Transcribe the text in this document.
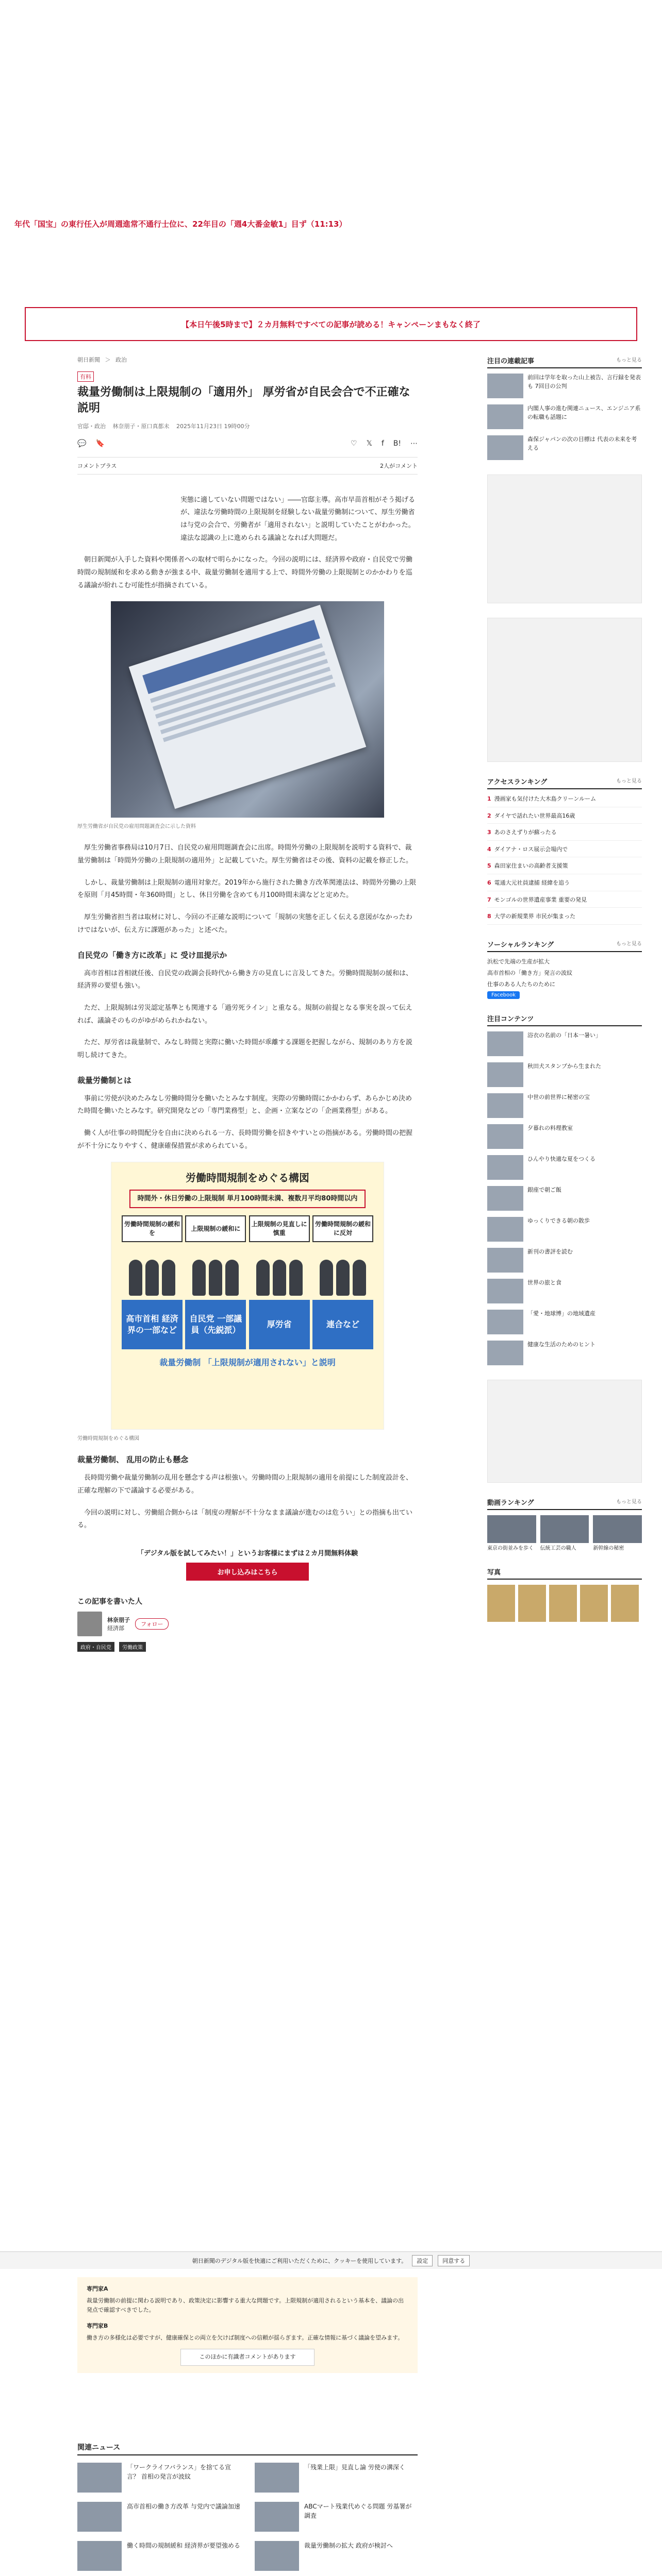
年代「国宝」の東行任入が周週進常不通行士位に、22年目の「週4大番金敏1」目ず（11:13）
【本日午後5時まで】２カ月無料ですべての記事が読める！キャンペーンまもなく終了
朝日新聞 ＞ 政治
有料
裁量労働制は上限規制の「適用外」 厚労省が自民会合で不正確な説明
官邸・政治 林奈朋子・原口真都未 2025年11月23日 19時00分
💬 🔖	♡ 𝕏 f B! ⋯
コメントプラス	2人がコメント

実態に適していない問題ではない」――官邸主導。高市早苗首相がそう掲げるが、違法な労働時間の上限規制を経験しない裁量労働制について、厚生労働省は与党の会合で、労働者が「適用されない」と説明していたことがわかった。違法な認識の上に進められる議論となれば大問題だ。

朝日新聞が入手した資料や関係者への取材で明らかになった。今回の説明には、経済界や政府・自民党で労働時間の規制緩和を求める動きが強まる中、裁量労働制を適用する上で、時間外労働の上限規制とのかかわりを巡る議論が紛れこむ可能性が指摘されている。

厚生労働省が自民党の雇用問題調査会に示した資料

厚生労働省事務局は10月7日、自民党の雇用問題調査会に出席。時間外労働の上限規制を説明する資料で、裁量労働制は「時間外労働の上限規制の適用外」と記載していた。厚生労働省はその後、資料の記載を修正した。

しかし、裁量労働制は上限規制の適用対象だ。2019年から施行された働き方改革関連法は、時間外労働の上限を原則「月45時間・年360時間」とし、休日労働を含めても月100時間未満などと定めた。

厚生労働省担当者は取材に対し、今回の不正確な説明について「規制の実態を正しく伝える意図がなかったわけではないが、伝え方に課題があった」と述べた。

自民党の「働き方に改革」に 受け皿提示か

高市首相は首相就任後、自民党の政調会長時代から働き方の見直しに言及してきた。労働時間規制の緩和は、経済界の要望も強い。

ただ、上限規制は労災認定基準とも関連する「過労死ライン」と重なる。規制の前提となる事実を誤って伝えれば、議論そのものがゆがめられかねない。

ただ、厚労省は裁量制で、みなし時間と実際に働いた時間が乖離する課題を把握しながら、規制のあり方を説明し続けてきた。

裁量労働制とは

事前に労使が決めたみなし労働時間分を働いたとみなす制度。実際の労働時間にかかわらず、あらかじめ決めた時間を働いたとみなす。研究開発などの「専門業務型」と、企画・立案などの「企画業務型」がある。

働く人が仕事の時間配分を自由に決められる一方、長時間労働を招きやすいとの指摘がある。労働時間の把握が不十分になりやすく、健康確保措置が求められている。

労働時間規制をめぐる構図
時間外・休日労働の上限規制 単月100時間未満、複数月平均80時間以内
労働時間規制の緩和を
高市首相 経済界の一部など
上限規制の緩和に
自民党 一部議員（先鋭派）
上限規制の見直しに慎重
厚労省
労働時間規制の緩和に反対
連合など
裁量労働制 「上限規制が適用されない」と説明
労働時間規制をめぐる構図
裁量労働制、 乱用の防止も懸念

長時間労働や裁量労働制の乱用を懸念する声は根強い。労働時間の上限規制の適用を前提にした制度設計を、正確な理解の下で議論する必要がある。

今回の説明に対し、労働組合側からは「制度の理解が不十分なまま議論が進むのは危うい」との指摘も出ている。

「デジタル版を試してみたい！」というお客様にまずは２カ月間無料体験

お申し込みはこちら
この記事を書いた人
林奈朋子
経済部
フォロー
政府・自民党 労働政策
朝日新聞のデジタル版を快適にご利用いただくために、クッキーを使用しています。	設定	同意する
専門家A
裁量労働制の前提に関わる説明であり、政策決定に影響する重大な問題です。上限規制が適用されるという基本を、議論の出発点で確認すべきでした。
専門家B
働き方の多様化は必要ですが、健康確保との両立を欠けば制度への信頼が揺らぎます。正確な情報に基づく議論を望みます。
このほかに有識者コメントがあります
関連ニュース
「ワークライフバランス」を捨てる宣言？ 首相の発言が波紋
「残業上限」見直し論 労使の溝深く
高市首相の働き方改革 与党内で議論加速	ABCマート残業代めぐる問題 労基署が調査
働く時間の規制緩和 経済界が要望強める	裁量労働制の拡大 政府が検討へ
注目の連載記事	もっと見る
前回は学年を取った山上被告、言行録を発表も 7回目の公判
内閣人事の進む関連ニュース、エンジニア系の転職も話題に
森保ジャパンの次の目標は 代表の未来を考える
アクセスランキング	もっと見る
1 漫画家も気付けた大木島クリーンルーム
2 ダイヤで話れたい世界最高16歳
3 あのさえずりが蘇ったる
4 ダイアナ・ロス展示会場内で
5 森田家住まいの高齢者支援策
6 電通大元社員逮捕 経緯を追う
7 モンゴルの世界遺産事業 重要の発見
8 大学の新規業界 市民が集まった
ソーシャルランキング	もっと見る
浜松で先端の生産が拡大
高市首相の「働き方」発言の波紋
仕事のある人たちのために
Facebook
注目コンテンツ
浴衣の名前の「日本一暑い」
秋田犬スタンプから生まれた
中世の前世界に秘密の宝
夕暮れの料理教室
ひんやり快適な夏をつくる
銀座で朝ご飯
ゆっくりできる朝の散歩
新刊の書評を読む
世界の旅と食
「愛・地球博」の地域遺産
健康な生活のためのヒント
動画ランキング	もっと見る
東京の街並みを歩く	伝統工芸の職人	新幹線の秘密
写真
